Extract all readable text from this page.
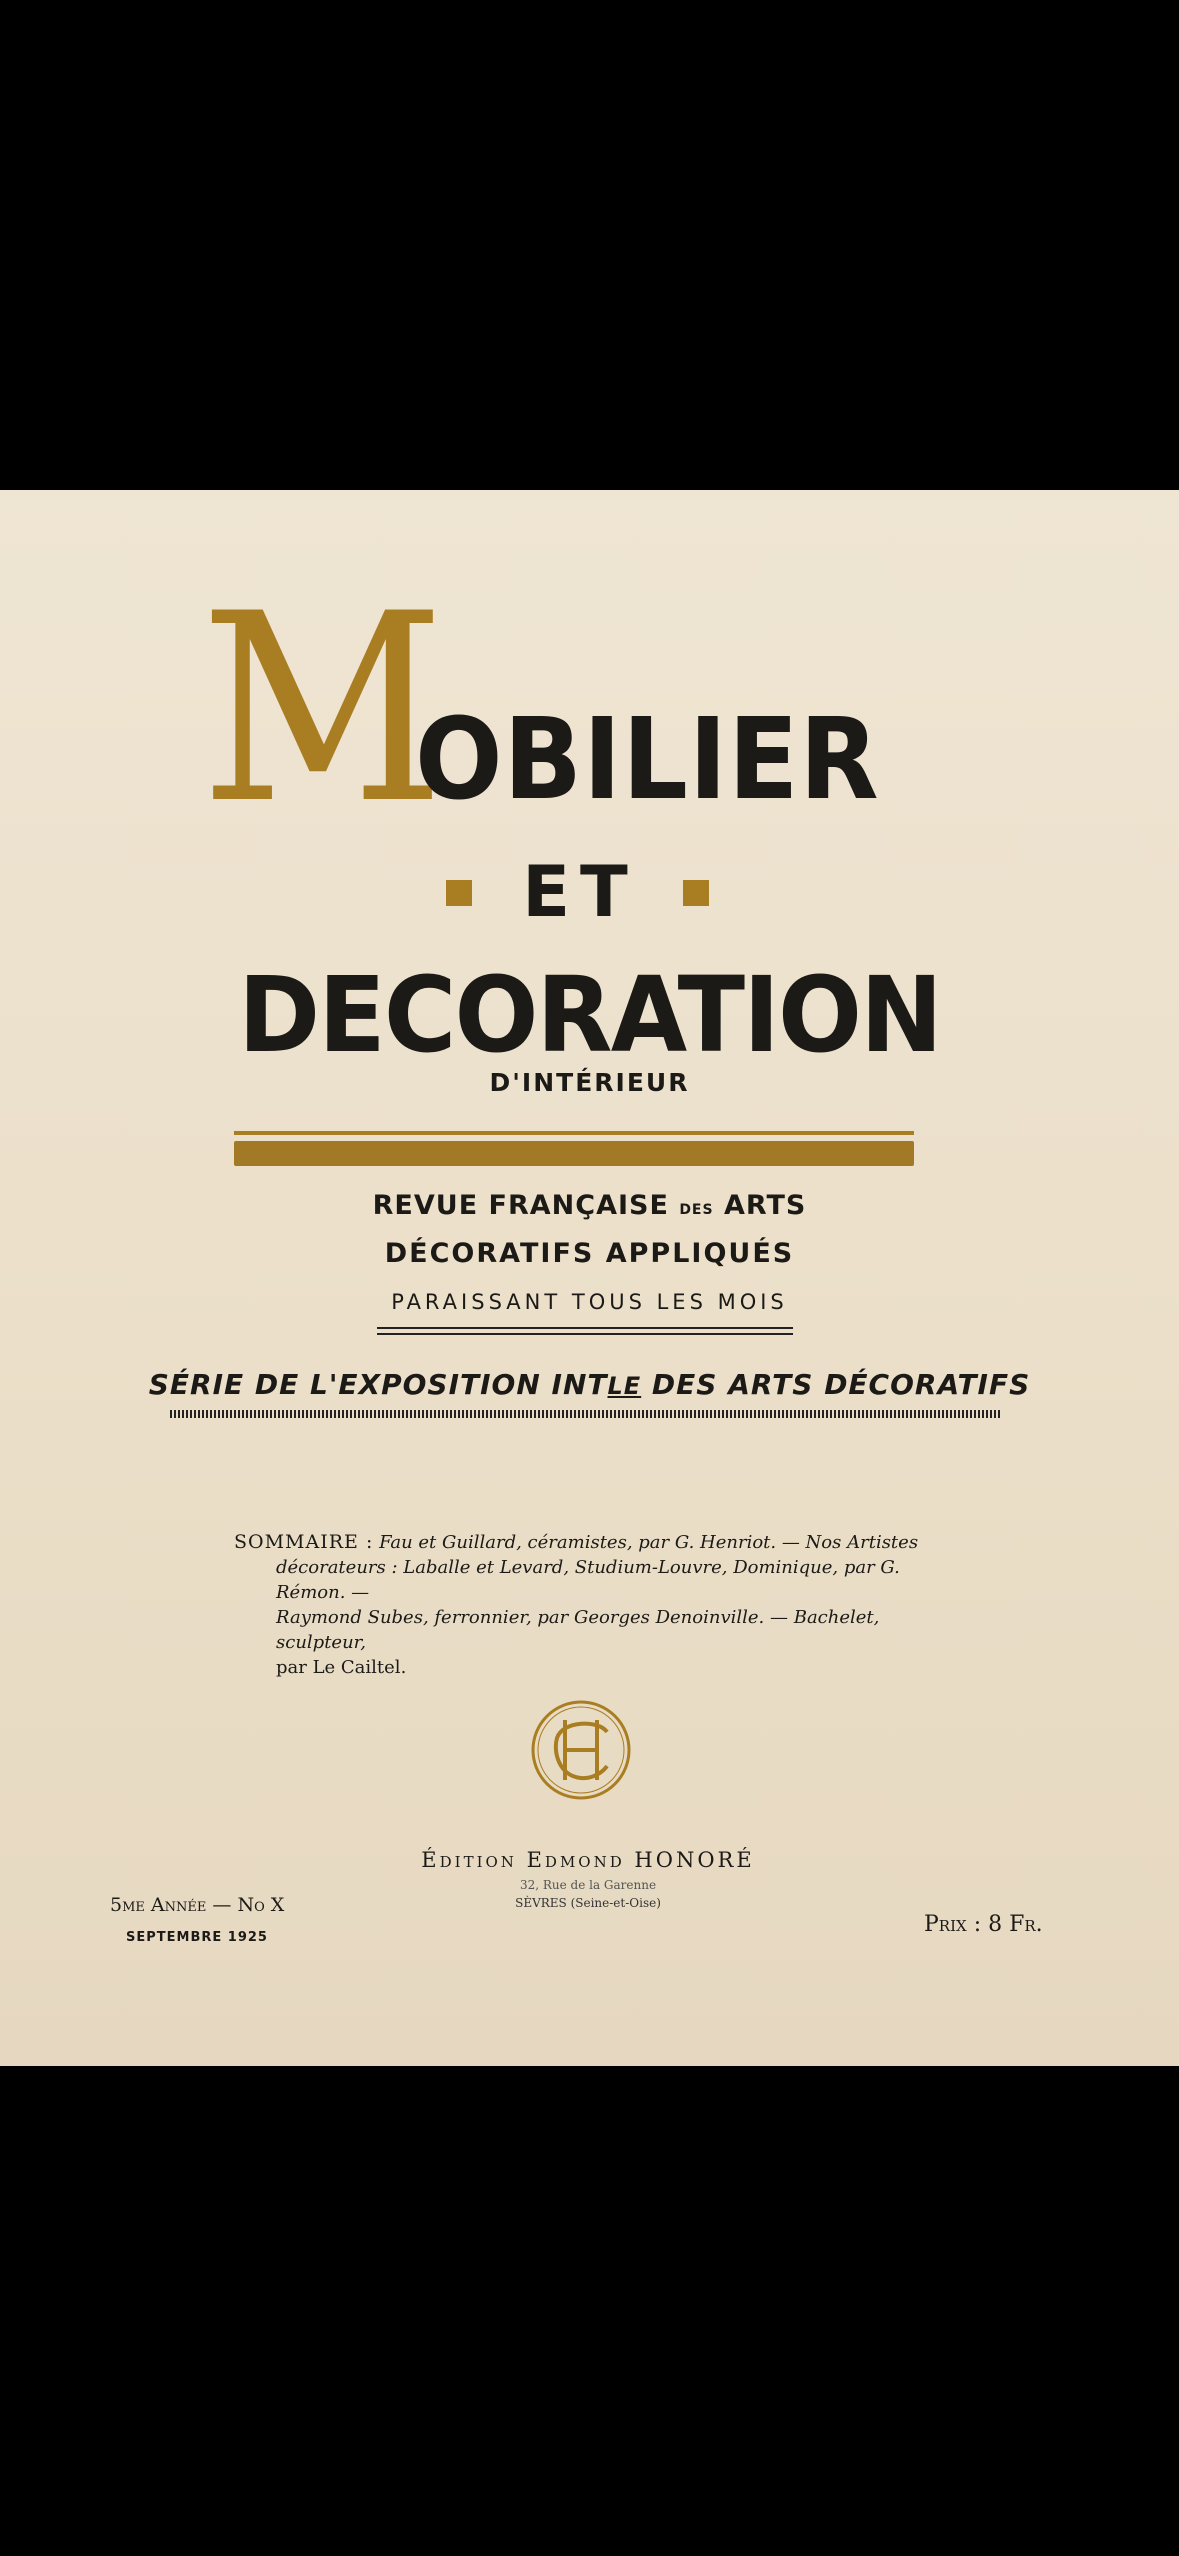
M
OBILIER
ET
DECORATION
D'INTÉRIEUR
REVUE FRANÇAISE des ARTS
DÉCORATIFS APPLIQUÉS
PARAISSANT TOUS LES MOIS
SÉRIE DE L'EXPOSITION INTLE DES ARTS DÉCORATIFS
SOMMAIRE : Fau et Guillard, céramistes, par G. Henriot. — Nos Artistes
décorateurs : Laballe et Levard, Studium-Louvre, Dominique, par G. Rémon. —
Raymond Subes, ferronnier, par Georges Denoinville. — Bachelet, sculpteur,
par Le Cailtel.
Édition Edmond HONORÉ
32, Rue de la Garenne
SÈVRES (Seine-et-Oise)
5me Année — No X
SEPTEMBRE 1925
Prix : 8 Fr.
